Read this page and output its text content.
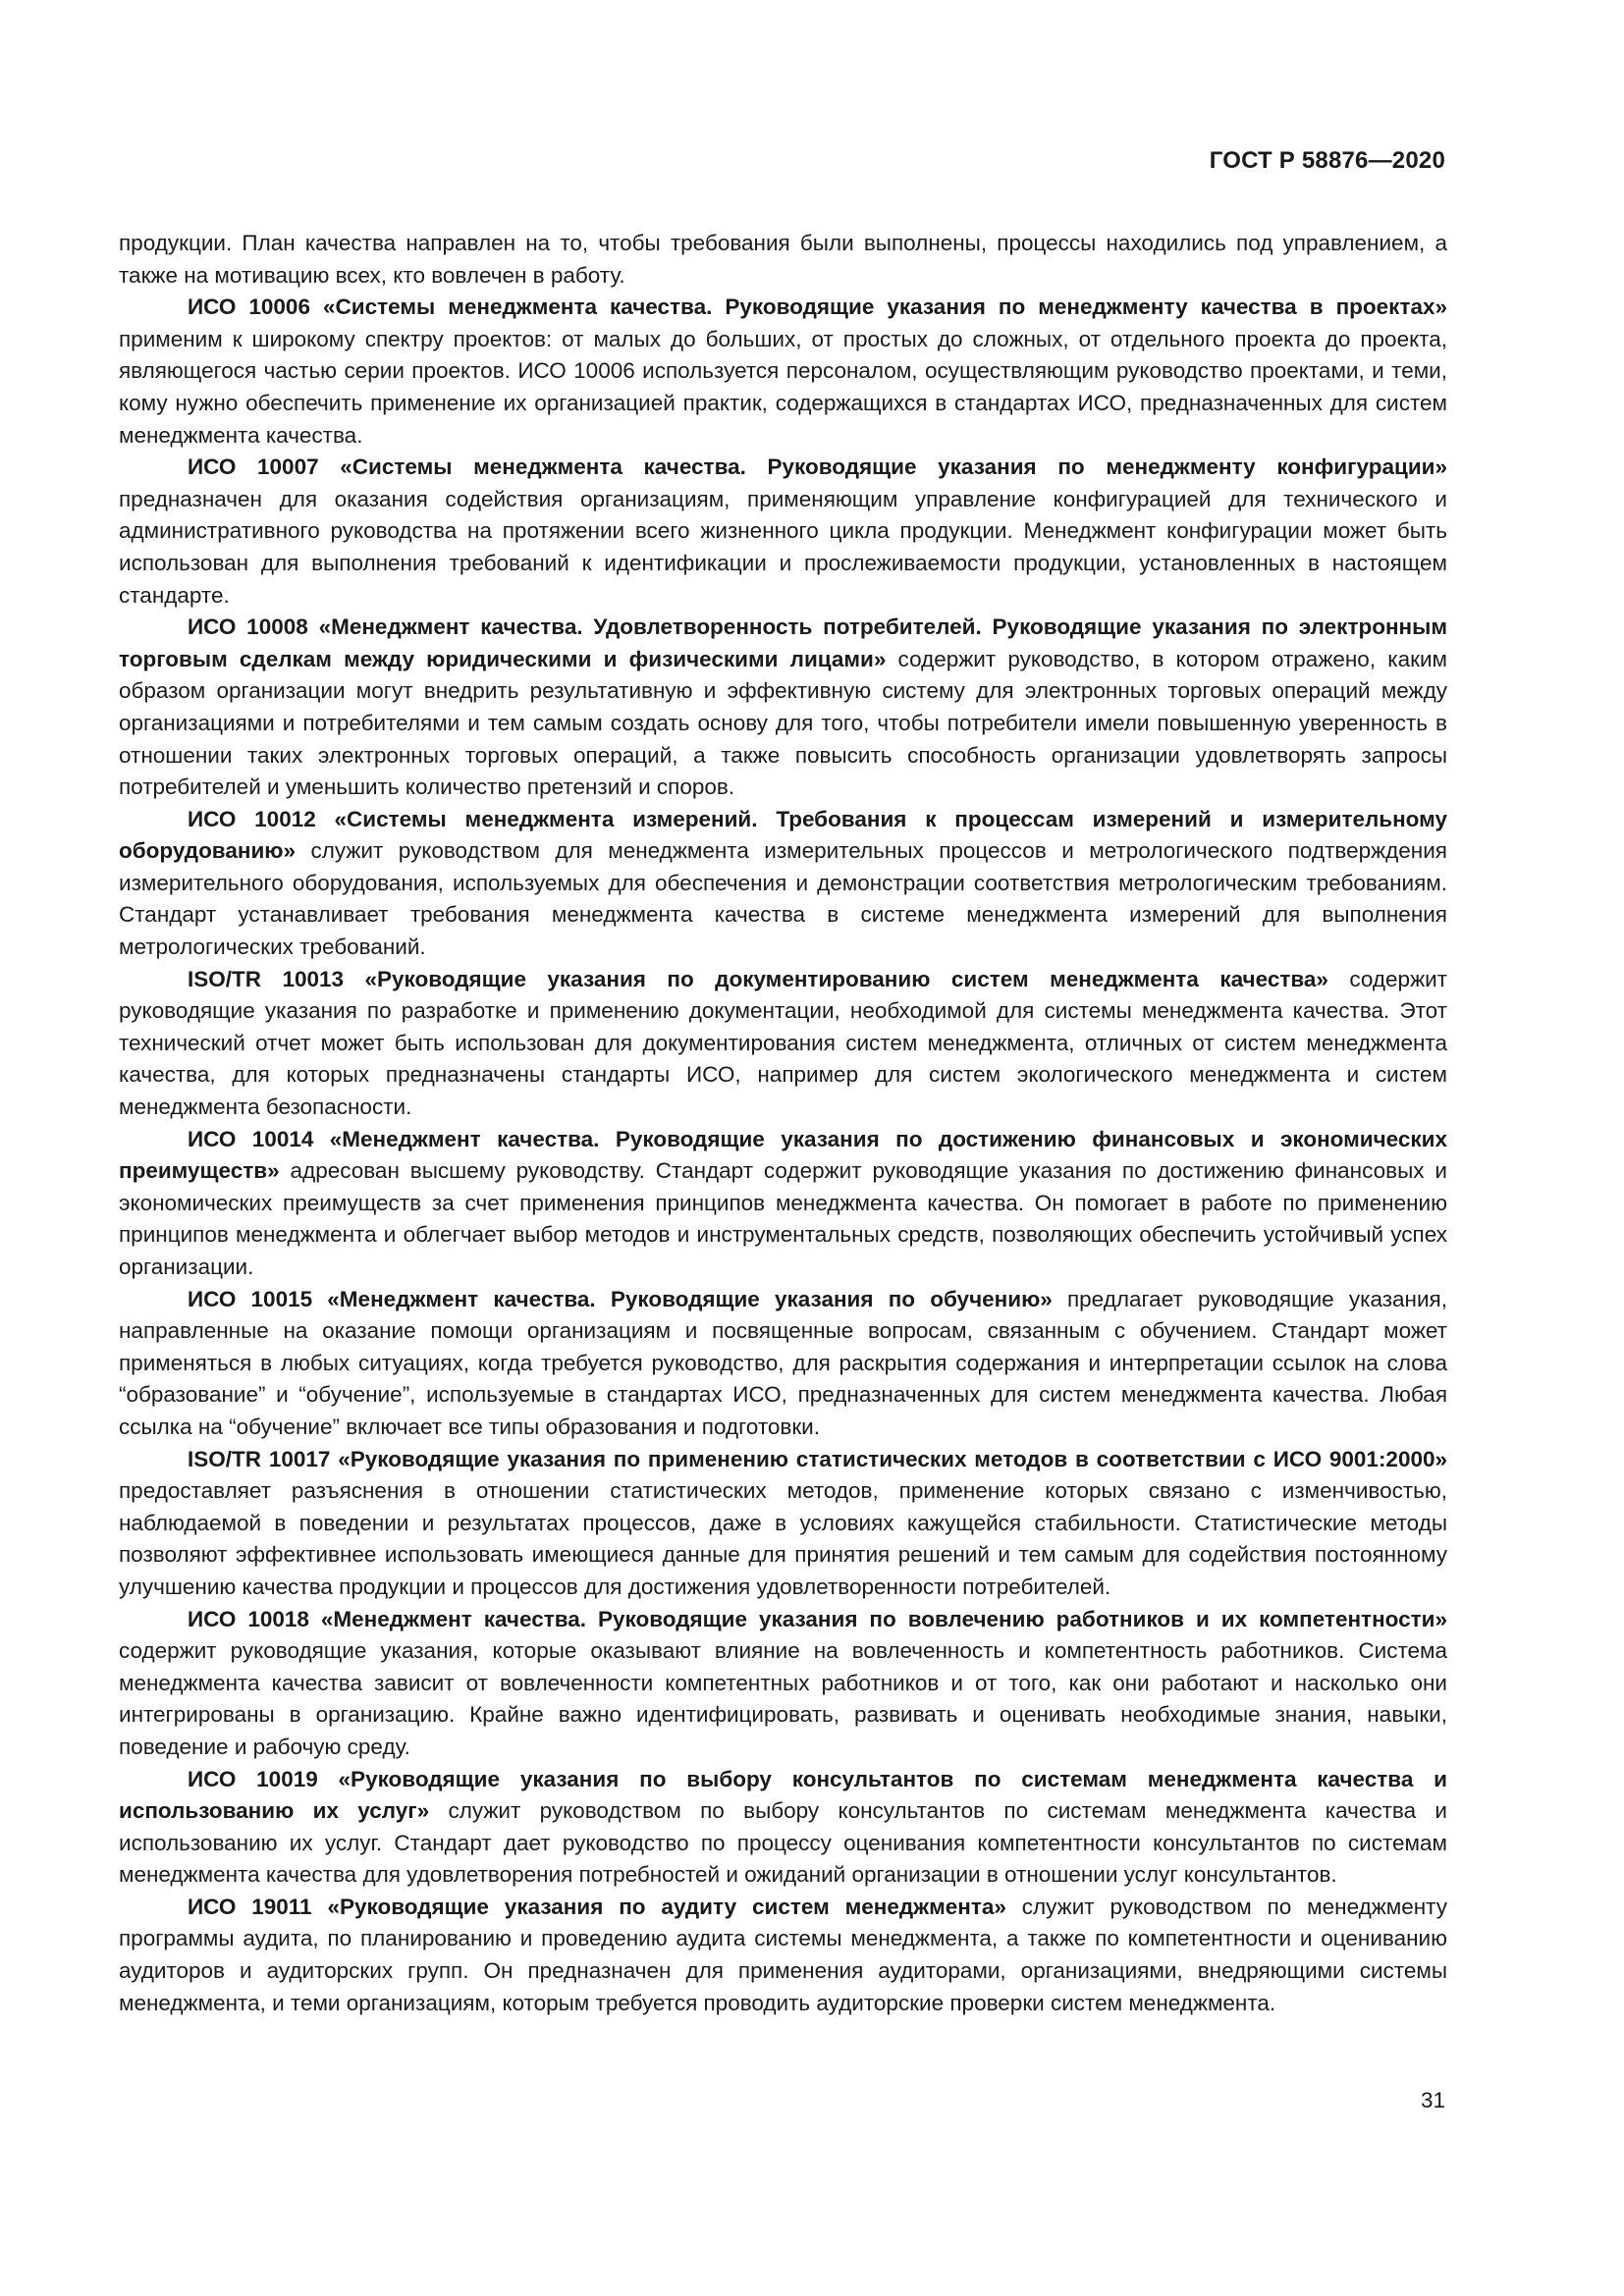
ГОСТ Р 58876—2020

продукции. План качества направлен на то, чтобы требования были выполнены, процессы находились под управлением, а также на мотивацию всех, кто вовлечен в работу.

ИСО 10006 «Системы менеджмента качества. Руководящие указания по менеджменту качества в проектах» применим к широкому спектру проектов: от малых до больших, от простых до сложных, от отдельного проекта до проекта, являющегося частью серии проектов. ИСО 10006 используется персоналом, осуществляющим руководство проектами, и теми, кому нужно обеспечить применение их организацией практик, содержащихся в стандартах ИСО, предназначенных для систем менеджмента качества.

ИСО 10007 «Системы менеджмента качества. Руководящие указания по менеджменту конфигурации» предназначен для оказания содействия организациям, применяющим управление конфигурацией для технического и административного руководства на протяжении всего жизненного цикла продукции. Менеджмент конфигурации может быть использован для выполнения требований к идентификации и прослеживаемости продукции, установленных в настоящем стандарте.

ИСО 10008 «Менеджмент качества. Удовлетворенность потребителей. Руководящие указания по электронным торговым сделкам между юридическими и физическими лицами» содержит руководство, в котором отражено, каким образом организации могут внедрить результативную и эффективную систему для электронных торговых операций между организациями и потребителями и тем самым создать основу для того, чтобы потребители имели повышенную уверенность в отношении таких электронных торговых операций, а также повысить способность организации удовлетворять запросы потребителей и уменьшить количество претензий и споров.

ИСО 10012 «Системы менеджмента измерений. Требования к процессам измерений и измерительному оборудованию» служит руководством для менеджмента измерительных процессов и метрологического подтверждения измерительного оборудования, используемых для обеспечения и демонстрации соответствия метрологическим требованиям. Стандарт устанавливает требования менеджмента качества в системе менеджмента измерений для выполнения метрологических требований.

ISO/TR 10013 «Руководящие указания по документированию систем менеджмента качества» содержит руководящие указания по разработке и применению документации, необходимой для системы менеджмента качества. Этот технический отчет может быть использован для документирования систем менеджмента, отличных от систем менеджмента качества, для которых предназначены стандарты ИСО, например для систем экологического менеджмента и систем менеджмента безопасности.

ИСО 10014 «Менеджмент качества. Руководящие указания по достижению финансовых и экономических преимуществ» адресован высшему руководству. Стандарт содержит руководящие указания по достижению финансовых и экономических преимуществ за счет применения принципов менеджмента качества. Он помогает в работе по применению принципов менеджмента и облегчает выбор методов и инструментальных средств, позволяющих обеспечить устойчивый успех организации.

ИСО 10015 «Менеджмент качества. Руководящие указания по обучению» предлагает руководящие указания, направленные на оказание помощи организациям и посвященные вопросам, связанным с обучением. Стандарт может применяться в любых ситуациях, когда требуется руководство, для раскрытия содержания и интерпретации ссылок на слова “образование” и “обучение”, используемые в стандартах ИСО, предназначенных для систем менеджмента качества. Любая ссылка на “обучение” включает все типы образования и подготовки.

ISO/TR 10017 «Руководящие указания по применению статистических методов в соответствии с ИСО 9001:2000» предоставляет разъяснения в отношении статистических методов, применение которых связано с изменчивостью, наблюдаемой в поведении и результатах процессов, даже в условиях кажущейся стабильности. Статистические методы позволяют эффективнее использовать имеющиеся данные для принятия решений и тем самым для содействия постоянному улучшению качества продукции и процессов для достижения удовлетворенности потребителей.

ИСО 10018 «Менеджмент качества. Руководящие указания по вовлечению работников и их компетентности» содержит руководящие указания, которые оказывают влияние на вовлеченность и компетентность работников. Система менеджмента качества зависит от вовлеченности компетентных работников и от того, как они работают и насколько они интегрированы в организацию. Крайне важно идентифицировать, развивать и оценивать необходимые знания, навыки, поведение и рабочую среду.

ИСО 10019 «Руководящие указания по выбору консультантов по системам менеджмента качества и использованию их услуг» служит руководством по выбору консультантов по системам менеджмента качества и использованию их услуг. Стандарт дает руководство по процессу оценивания компетентности консультантов по системам менеджмента качества для удовлетворения потребностей и ожиданий организации в отношении услуг консультантов.

ИСО 19011 «Руководящие указания по аудиту систем менеджмента» служит руководством по менеджменту программы аудита, по планированию и проведению аудита системы менеджмента, а также по компетентности и оцениванию аудиторов и аудиторских групп. Он предназначен для применения аудиторами, организациями, внедряющими системы менеджмента, и теми организациям, которым требуется проводить аудиторские проверки систем менеджмента.

31
